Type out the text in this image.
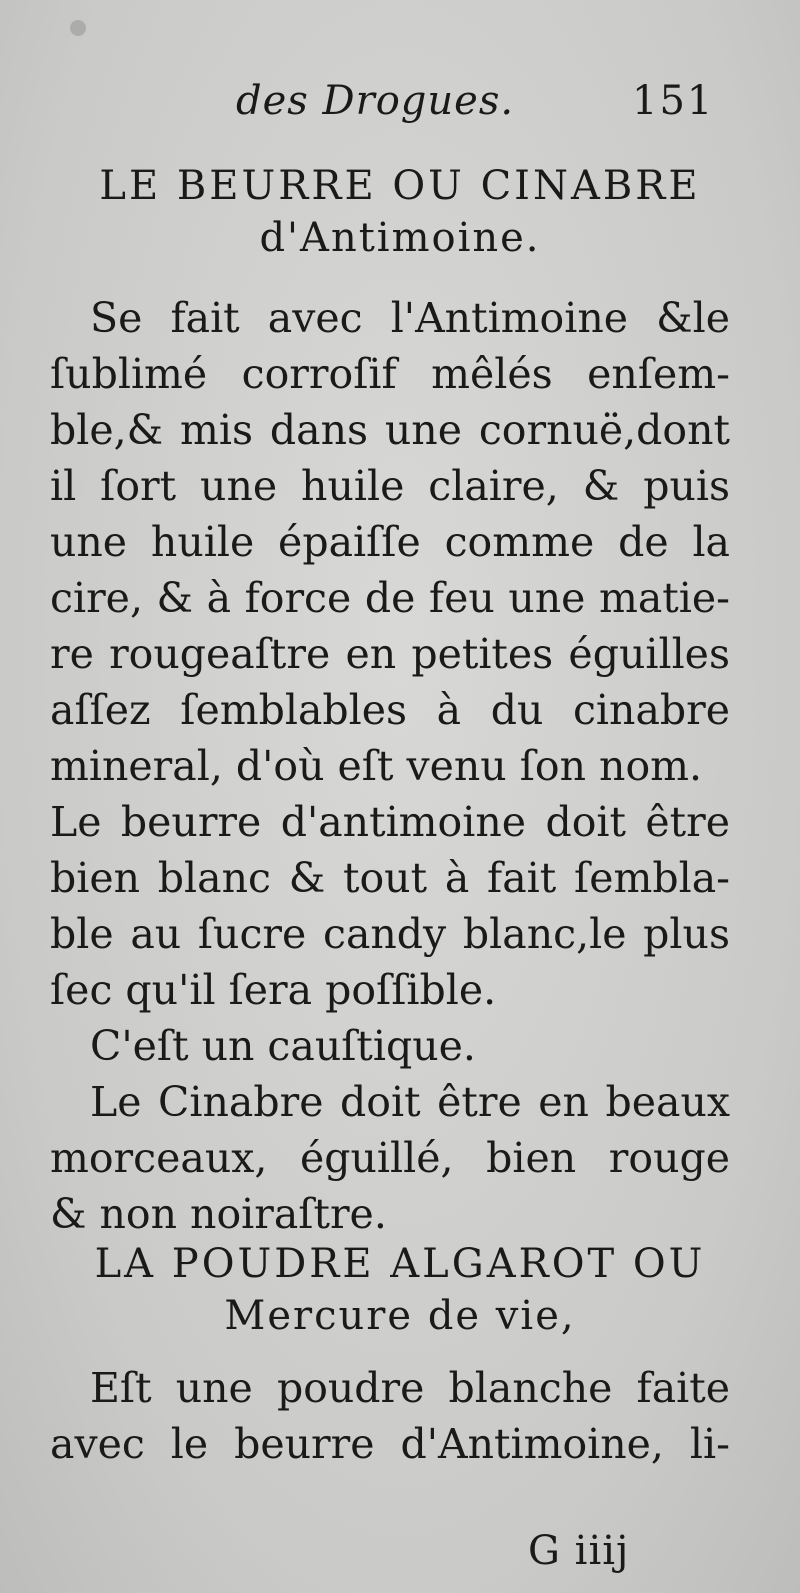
des Drogues.	151
LE BEURRE OU CINABRE
d'Antimoine.
Se fait avec l'Antimoine &le
ſublimé corroſif mêlés enſem-
ble,& mis dans une cornuë,dont
il ſort une huile claire, & puis
une huile épaiſſe comme de la
cire, & à force de feu une matie-
re rougeaſtre en petites éguilles
aſſez ſemblables à du cinabre
mineral, d'où eſt venu ſon nom.
Le beurre d'antimoine doit être
bien blanc & tout à fait ſembla-
ble au ſucre candy blanc,le plus
ſec qu'il ſera poſſible.
C'eſt un cauſtique.
Le Cinabre doit être en beaux
morceaux, éguillé, bien rouge
& non noiraſtre.
LA POUDRE ALGAROT OU
Mercure de vie,
Eſt une poudre blanche faite
avec le beurre d'Antimoine, li-
G iiij
